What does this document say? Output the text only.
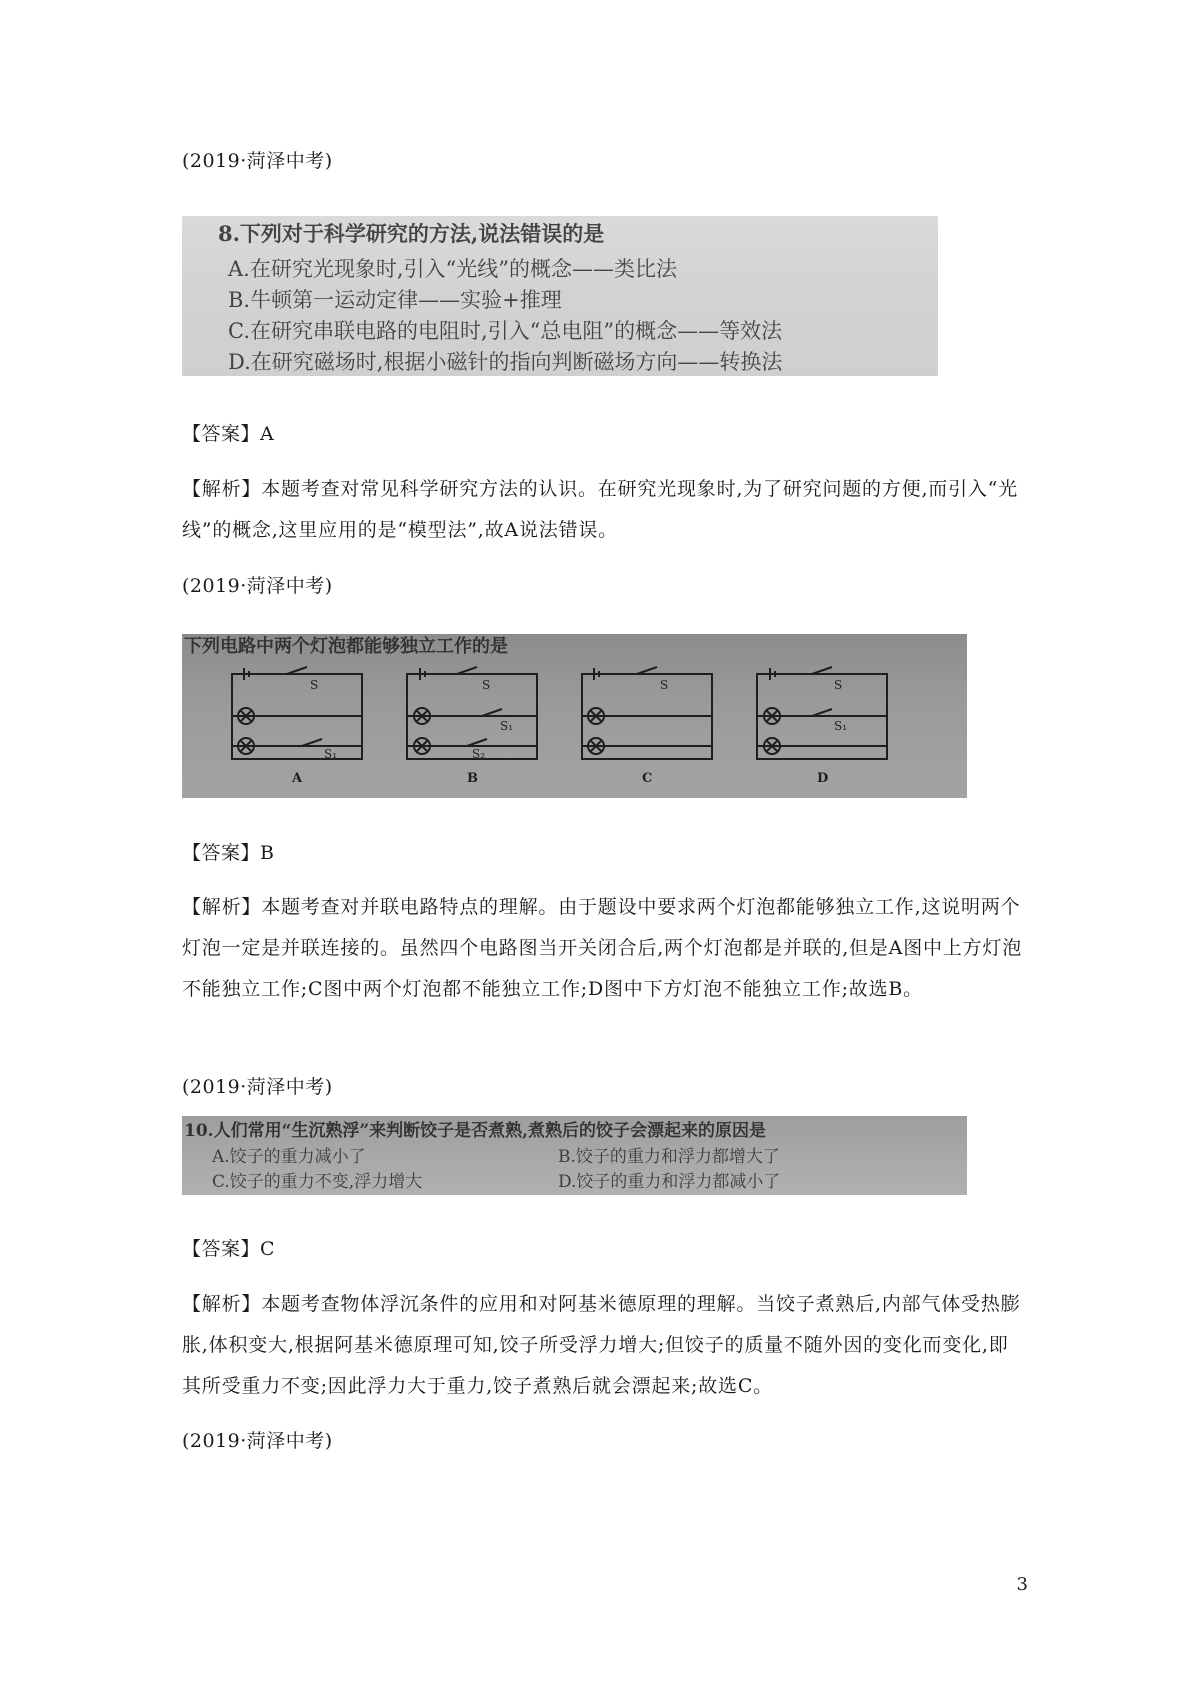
(2019·菏泽中考)
8.下列对于科学研究的方法,说法错误的是
A.在研究光现象时,引入“光线”的概念——类比法
B.牛顿第一运动定律——实验+推理
C.在研究串联电路的电阻时,引入“总电阻”的概念——等效法
D.在研究磁场时,根据小磁针的指向判断磁场方向——转换法
【答案】A
【解析】本题考查对常见科学研究方法的认识。在研究光现象时,为了研究问题的方便,而引入“光线”的概念,这里应用的是“模型法”,故A说法错误。
(2019·菏泽中考)
下列电路中两个灯泡都能够独立工作的是
S
S₁
S
S₁
S₂
S	S
S₁
A	B	C	D
【答案】B
【解析】本题考查对并联电路特点的理解。由于题设中要求两个灯泡都能够独立工作,这说明两个灯泡一定是并联连接的。虽然四个电路图当开关闭合后,两个灯泡都是并联的,但是A图中上方灯泡不能独立工作;C图中两个灯泡都不能独立工作;D图中下方灯泡不能独立工作;故选B。
(2019·菏泽中考)
10.人们常用“生沉熟浮”来判断饺子是否煮熟,煮熟后的饺子会漂起来的原因是
A.饺子的重力减小了	B.饺子的重力和浮力都增大了
C.饺子的重力不变,浮力增大	D.饺子的重力和浮力都减小了
【答案】C
【解析】本题考查物体浮沉条件的应用和对阿基米德原理的理解。当饺子煮熟后,内部气体受热膨胀,体积变大,根据阿基米德原理可知,饺子所受浮力增大;但饺子的质量不随外因的变化而变化,即其所受重力不变;因此浮力大于重力,饺子煮熟后就会漂起来;故选C。
(2019·菏泽中考)
3
